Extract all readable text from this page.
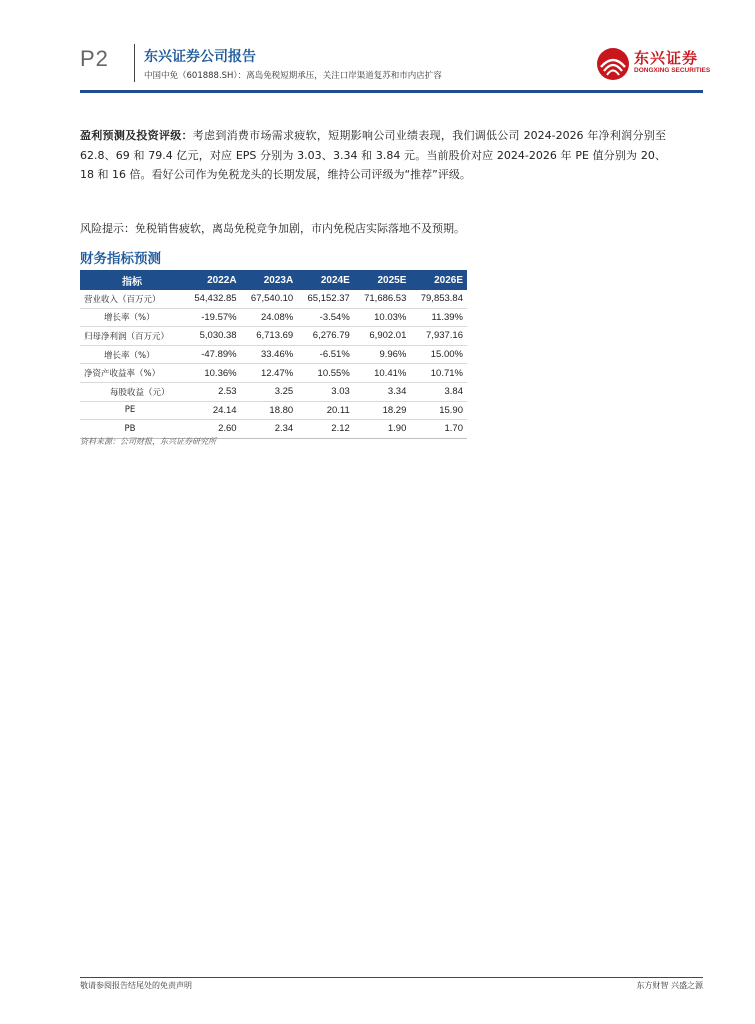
P2	东兴证券公司报告
中国中免（601888.SH）：离岛免税短期承压，关注口岸渠道复苏和市内店扩容
东兴证券
DONGXING SECURITIES
盈利预测及投资评级：考虑到消费市场需求疲软，短期影响公司业绩表现，我们调低公司 2024-2026 年净利润分别至 62.8、69 和 79.4 亿元，对应 EPS 分别为 3.03、3.34 和 3.84 元。当前股价对应 2024-2026 年 PE 值分别为 20、18 和 16 倍。看好公司作为免税龙头的长期发展，维持公司评级为“推荐”评级。
风险提示：免税销售疲软，离岛免税竞争加剧，市内免税店实际落地不及预期。
财务指标预测
指标	2022A	2023A	2024E	2025E	2026E
营业收入（百万元）	54,432.85	67,540.10	65,152.37	71,686.53	79,853.84
增长率（%）	-19.57%	24.08%	-3.54%	10.03%	11.39%
归母净利润（百万元）	5,030.38	6,713.69	6,276.79	6,902.01	7,937.16
增长率（%）	-47.89%	33.46%	-6.51%	9.96%	15.00%
净资产收益率（%）	10.36%	12.47%	10.55%	10.41%	10.71%
每股收益（元）	2.53	3.25	3.03	3.34	3.84
PE	24.14	18.80	20.11	18.29	15.90
PB	2.60	2.34	2.12	1.90	1.70
资料来源：公司财报，东兴证券研究所
敬请参阅报告结尾处的免责声明	东方财智 兴盛之源
